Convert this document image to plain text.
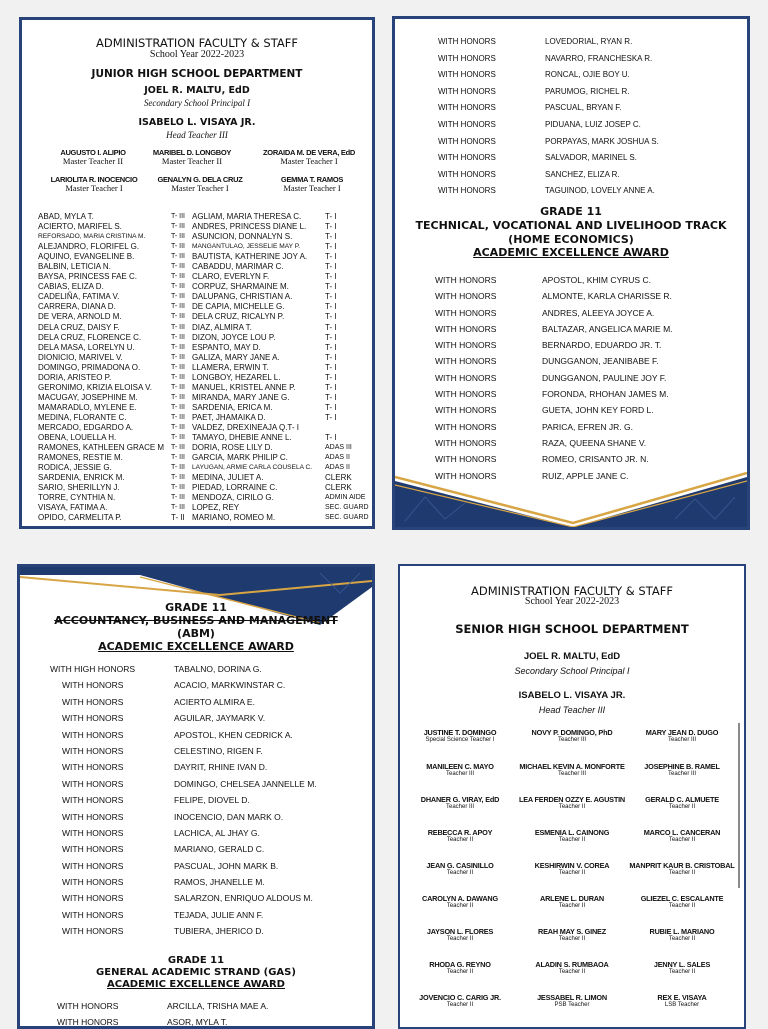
ADMINISTRATION FACULTY & STAFF
School Year 2022-2023
JUNIOR HIGH SCHOOL DEPARTMENT
JOEL R. MALTU, EdD
Secondary School Principal I
ISABELO L. VISAYA JR.
Head Teacher III
AUGUSTO I. ALIPIO
Master Teacher II
MARIBEL D. LONGBOY
Master Teacher II
ZORAIDA M. DE VERA, EdD
Master Teacher I
LARIOLITA R. INOCENCIO
Master Teacher I
GENALYN G. DELA CRUZ
Master Teacher I
GEMMA T. RAMOS
Master Teacher I
ABAD, MYLA T.	T- III
ACIERTO, MARIFEL S.	T- III
REFORSADO, MARIA CRISTINA M.	T- III
ALEJANDRO, FLORIFEL G.	T- III
AQUINO, EVANGELINE B.	T- III
BALBIN, LETICIA N.	T- III
BAYSA, PRINCESS FAE C.	T- III
CABIAS, ELIZA D.	T- III
CADELIÑA, FATIMA V.	T- III
CARRERA, DIANA D.	T- III
DE VERA, ARNOLD M.	T- III
DELA CRUZ, DAISY F.	T- III
DELA CRUZ, FLORENCE C.	T- III
DELA MASA, LORELYN U.	T- III
DIONICIO, MARIVEL V.	T- III
DOMINGO, PRIMADONA O.	T- III
DORIA, ARISTEO P.	T- III
GERONIMO, KRIZIA ELOISA V.	T- III
MACUGAY, JOSEPHINE M.	T- III
MAMARADLO, MYLENE E.	T- III
MEDINA, FLORANTE C.	T- III
MERCADO, EDGARDO A.	T- III
OBENA, LOUELLA H.	T- III
RAMONES, KATHLEEN GRACE M T- III
RAMONES, RESTIE M.	T- III
RODICA, JESSIE G.	T- III
SARDENIA, ENRICK M.	T- III
SARIO, SHERILLYN J.	T- III
TORRE, CYNTHIA N.	T- III
VISAYA, FATIMA A.	T- III
OPIDO, CARMELITA P.	T- II
AGLIAM, MARIA THERESA C.	T- I
ANDRES, PRINCESS DIANE L. T- I
ASUNCION, DONNALYN S.	T- I
MANGANTULAO, JESSELIE MAY P.	T- I
BAUTISTA, KATHERINE JOY A. T- I
CABADDU, MARIMAR C.	T- I
CLARO, EVERLYN F.	T- I
CORPUZ, SHARMAINE M.	T- I
DALUPANG, CHRISTIAN A.	T- I
DE CAPIA, MICHELLE G.	T- I
DELA CRUZ, RICALYN P.	T- I
DIAZ, ALMIRA T.	T- I
DIZON, JOYCE LOU P.	T- I
ESPANTO, MAY D.	T- I
GALIZA, MARY JANE A.	T- I
LLAMERA, ERWIN T.	T- I
LONGBOY, HEZAREL L.	T- I
MANUEL, KRISTEL ANNE P.	T- I
MIRANDA, MARY JANE G.	T- I
SARDENIA, ERICA M.	T- I
PAET, JHAMAIKA D.	T- I
VALDEZ, DREXINEAJA Q.T- I
TAMAYO, DHEBIE ANNE L.	T- I
DORIA, ROSE LILY D.	ADAS III
GARCIA, MARK PHILIP C.	ADAS II
LAYUGAN, ARMIE CARLA COUSELA C. ADAS II
MEDINA, JULIET A.	CLERK
PIEDAD, LORRAINE C.	CLERK
MENDOZA, CIRILO G.	ADMIN AIDE
LOPEZ, REY	SEC. GUARD
MARIANO, ROMEO M.	SEC. GUARD
WITH HONORS	LOVEDORIAL, RYAN R.
WITH HONORS	NAVARRO, FRANCHESKA R.
WITH HONORS	RONCAL, OJIE BOY U.
WITH HONORS	PARUMOG, RICHEL R.
WITH HONORS	PASCUAL, BRYAN F.
WITH HONORS	PIDUANA, LUIZ JOSEP C.
WITH HONORS	PORPAYAS, MARK JOSHUA S.
WITH HONORS	SALVADOR, MARINEL S.
WITH HONORS	SANCHEZ, ELIZA R.
WITH HONORS	TAGUINOD, LOVELY ANNE A.
GRADE 11
TECHNICAL, VOCATIONAL AND LIVELIHOOD TRACK
(HOME ECONOMICS)
ACADEMIC EXCELLENCE AWARD
WITH HONORS	APOSTOL, KHIM CYRUS C.
WITH HONORS	ALMONTE, KARLA CHARISSE R.
WITH HONORS	ANDRES, ALEEYA JOYCE A.
WITH HONORS	BALTAZAR, ANGELICA MARIE M.
WITH HONORS	BERNARDO, EDUARDO JR. T.
WITH HONORS	DUNGGANON, JEANIBABE F.
WITH HONORS	DUNGGANON, PAULINE JOY F.
WITH HONORS	FORONDA, RHOHAN JAMES M.
WITH HONORS	GUETA, JOHN KEY FORD L.
WITH HONORS	PARICA, EFREN JR. G.
WITH HONORS	RAZA, QUEENA SHANE V.
WITH HONORS	ROMEO, CRISANTO JR. N.
WITH HONORS	RUIZ, APPLE JANE C.
GRADE 11
ACCOUNTANCY, BUSINESS AND MANAGEMENT
(ABM)
ACADEMIC EXCELLENCE AWARD
WITH HIGH HONORS	TABALNO, DORINA G.
WITH HONORS	ACACIO, MARKWINSTAR C.
WITH HONORS	ACIERTO ALMIRA E.
WITH HONORS	AGUILAR, JAYMARK V.
WITH HONORS	APOSTOL, KHEN CEDRICK A.
WITH HONORS	CELESTINO, RIGEN F.
WITH HONORS	DAYRIT, RHINE IVAN D.
WITH HONORS	DOMINGO, CHELSEA JANNELLE M.
WITH HONORS	FELIPE, DIOVEL D.
WITH HONORS	INOCENCIO, DAN MARK O.
WITH HONORS	LACHICA, AL JHAY G.
WITH HONORS	MARIANO, GERALD C.
WITH HONORS	PASCUAL, JOHN MARK B.
WITH HONORS	RAMOS, JHANELLE M.
WITH HONORS	SALARZON, ENRIQUO ALDOUS M.
WITH HONORS	TEJADA, JULIE ANN F.
WITH HONORS	TUBIERA, JHERICO D.
GRADE 11
GENERAL ACADEMIC STRAND (GAS)
ACADEMIC EXCELLENCE AWARD
WITH HONORS	ARCILLA, TRISHA MAE A.
WITH HONORS	ASOR, MYLA T.
ADMINISTRATION FACULTY & STAFF
School Year 2022-2023
SENIOR HIGH SCHOOL DEPARTMENT
JOEL R. MALTU, EdD
Secondary School Principal I
ISABELO L. VISAYA JR.
Head Teacher III
JUSTINE T. DOMINGO
Special Science Teacher I
NOVY P. DOMINGO, PhD
Teacher III
MARY JEAN D. DUGO
Teacher III
MANILEEN C. MAYO
Teacher III
MICHAEL KEVIN A. MONFORTE
Teacher III
JOSEPHINE B. RAMEL
Teacher III
DHANER G. VIRAY, EdD
Teacher III
LEA FERDEN OZZY E. AGUSTIN
Teacher II
GERALD C. ALMUETE
Teacher II
REBECCA R. APOY
Teacher II
ESMENIA L. CAINONG
Teacher II
MARCO L. CANCERAN
Teacher II
JEAN G. CASINILLO
Teacher II
KESHIRWIN V. COREA
Teacher II
MANPRIT KAUR B. CRISTOBAL
Teacher II
CAROLYN A. DAWANG
Teacher II
ARLENE L. DURAN
Teacher II
GLIEZEL C. ESCALANTE
Teacher II
JAYSON L. FLORES
Teacher II
REAH MAY S. GINEZ
Teacher II
RUBIE L. MARIANO
Teacher II
RHODA G. REYNO
Teacher II
ALADIN S. RUMBAOA
Teacher II
JENNY L. SALES
Teacher II
JOVENCIO C. CARIG JR.
Teacher II
JESSABEL R. LIMON
PSB Teacher
REX E. VISAYA
LSB Teacher
